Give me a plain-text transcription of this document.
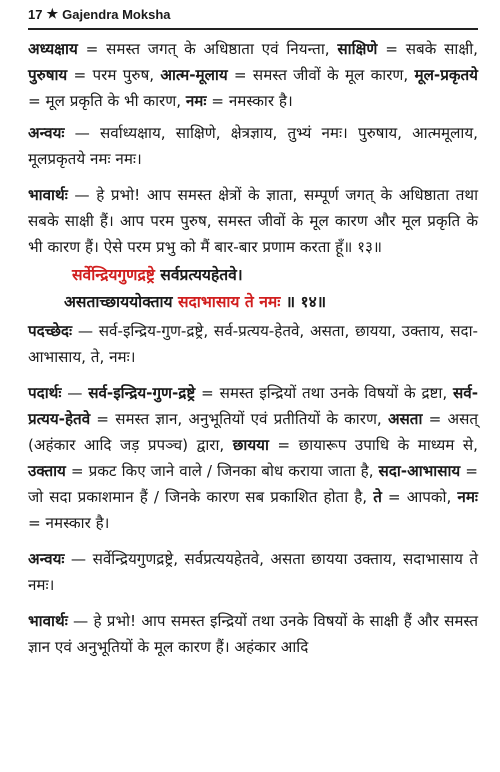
17 ★ Gajendra Moksha

अध्यक्षाय = समस्त जगत् के अधिष्ठाता एवं नियन्ता, साक्षिणे = सबके साक्षी, पुरुषाय = परम पुरुष, आत्म-मूलाय = समस्त जीवों के मूल कारण, मूल-प्रकृतये = मूल प्रकृति के भी कारण, नमः = नमस्कार है।

अन्वयः — सर्वाध्यक्षाय, साक्षिणे, क्षेत्रज्ञाय, तुभ्यं नमः। पुरुषाय, आत्ममूलाय, मूलप्रकृतये नमः नमः।

भावार्थः — हे प्रभो! आप समस्त क्षेत्रों के ज्ञाता, सम्पूर्ण जगत् के अधिष्ठाता तथा सबके साक्षी हैं। आप परम पुरुष, समस्त जीवों के मूल कारण और मूल प्रकृति के भी कारण हैं। ऐसे परम प्रभु को मैं बार-बार प्रणाम करता हूँ॥ १३॥

सर्वेन्द्रियगुणद्रष्ट्रे सर्वप्रत्ययहेतवे।
असताच्छाययोक्ताय सदाभासाय ते नमः ॥ १४॥

पदच्छेदः — सर्व-इन्द्रिय-गुण-द्रष्ट्रे, सर्व-प्रत्यय-हेतवे, असता, छायया, उक्ताय, सदा-आभासाय, ते, नमः।

पदार्थः — सर्व-इन्द्रिय-गुण-द्रष्ट्रे = समस्त इन्द्रियों तथा उनके विषयों के द्रष्टा, सर्व-प्रत्यय-हेतवे = समस्त ज्ञान, अनुभूतियों एवं प्रतीतियों के कारण, असता = असत् (अहंकार आदि जड़ प्रपञ्च) द्वारा, छायया = छायारूप उपाधि के माध्यम से, उक्ताय = प्रकट किए जाने वाले / जिनका बोध कराया जाता है, सदा-आभासाय = जो सदा प्रकाशमान हैं / जिनके कारण सब प्रकाशित होता है, ते = आपको, नमः = नमस्कार है।

अन्वयः — सर्वेन्द्रियगुणद्रष्ट्रे, सर्वप्रत्ययहेतवे, असता छायया उक्ताय, सदाभासाय ते नमः।

भावार्थः — हे प्रभो! आप समस्त इन्द्रियों तथा उनके विषयों के साक्षी हैं और समस्त ज्ञान एवं अनुभूतियों के मूल कारण हैं। अहंकार आदि
